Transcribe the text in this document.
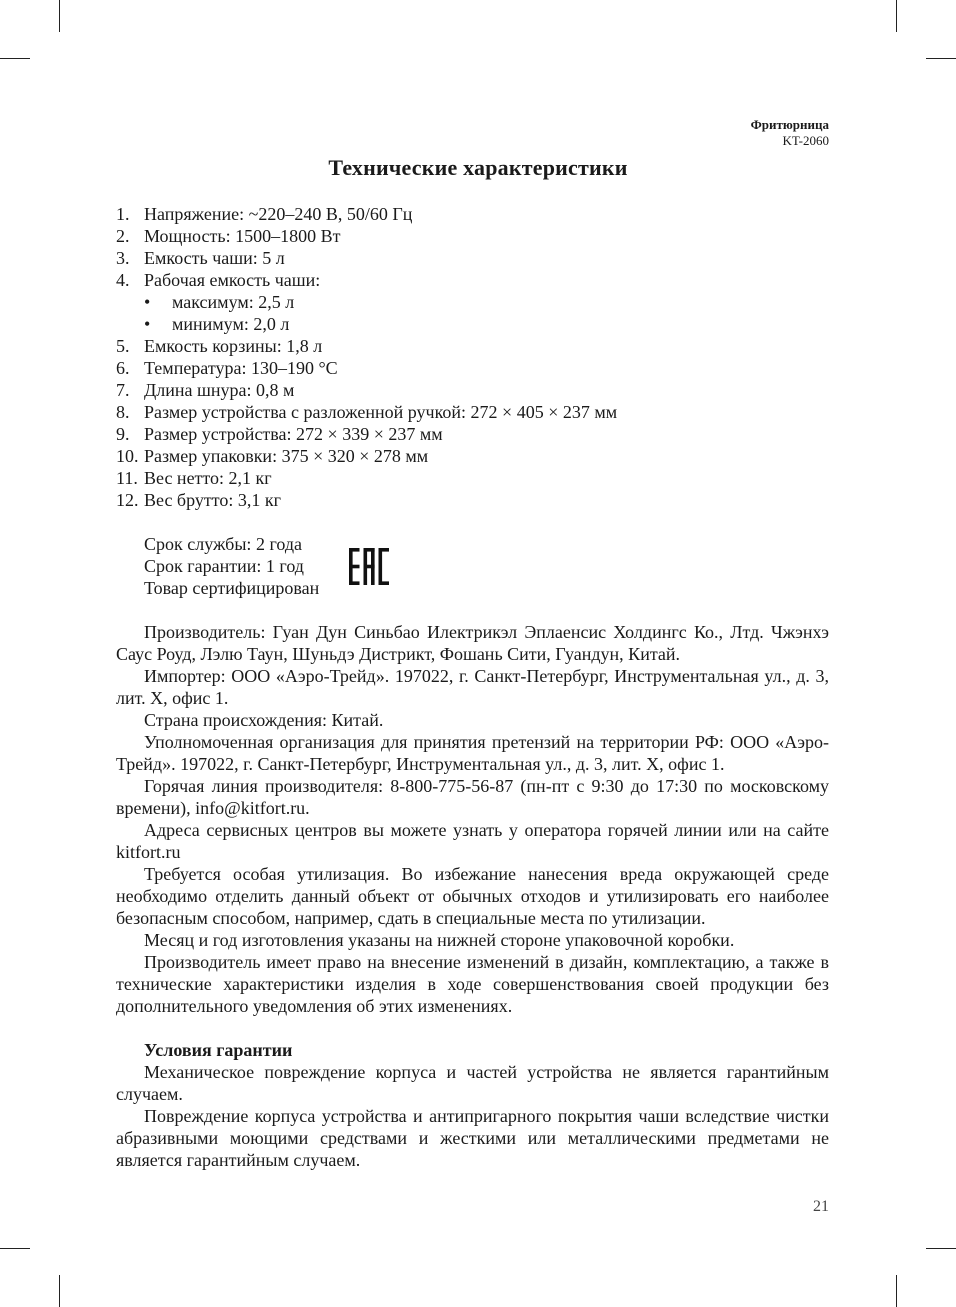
Фритюрница
KT-2060
Технические характеристики
1. Напряжение: ~220–240 В, 50/60 Гц
2. Мощность: 1500–1800 Вт
3. Емкость чаши: 5 л
4. Рабочая емкость чаши:
• максимум: 2,5 л
• минимум: 2,0 л
5. Емкость корзины: 1,8 л
6. Температура: 130–190 °С
7. Длина шнура: 0,8 м
8. Размер устройства с разложенной ручкой: 272 × 405 × 237 мм
9. Размер устройства: 272 × 339 × 237 мм
10. Размер упаковки: 375 × 320 × 278 мм
11. Вес нетто: 2,1 кг
12. Вес брутто: 3,1 кг
Срок службы: 2 года
Срок гарантии: 1 год
Товар сертифицирован

Производитель: Гуан Дун Синьбао Илектрикэл Эплаенсис Холдингс Ко., Лтд. Чжэнхэ Саус Роуд, Лэлю Таун, Шуньдэ Дистрикт, Фошань Сити, Гуандун, Китай.

Импортер: ООО «Аэро-Трейд». 197022, г. Санкт-Петербург, Инструментальная ул., д. 3, лит. Х, офис 1.

Страна происхождения: Китай.

Уполномоченная организация для принятия претензий на территории РФ: ООО «Аэро-Трейд». 197022, г. Санкт-Петербург, Инструментальная ул., д. 3, лит. Х, офис 1.

Горячая линия производителя: 8-800-775-56-87 (пн-пт с 9:30 до 17:30 по московскому времени), info@kitfort.ru.

Адреса сервисных центров вы можете узнать у оператора горячей линии или на сайте kitfort.ru

Требуется особая утилизация. Во избежание нанесения вреда окружающей среде необходимо отделить данный объект от обычных отходов и утилизировать его наиболее безопасным способом, например, сдать в специальные места по утилизации.

Месяц и год изготовления указаны на нижней стороне упаковочной коробки.

Производитель имеет право на внесение изменений в дизайн, комплектацию, а также в технические характеристики изделия в ходе совершенствования своей продукции без дополнительного уведомления об этих изменениях.

Условия гарантии

Механическое повреждение корпуса и частей устройства не является гарантийным случаем.

Повреждение корпуса устройства и антипригарного покрытия чаши вследствие чистки абразивными моющими средствами и жесткими или металлическими предметами не является гарантийным случаем.

21
